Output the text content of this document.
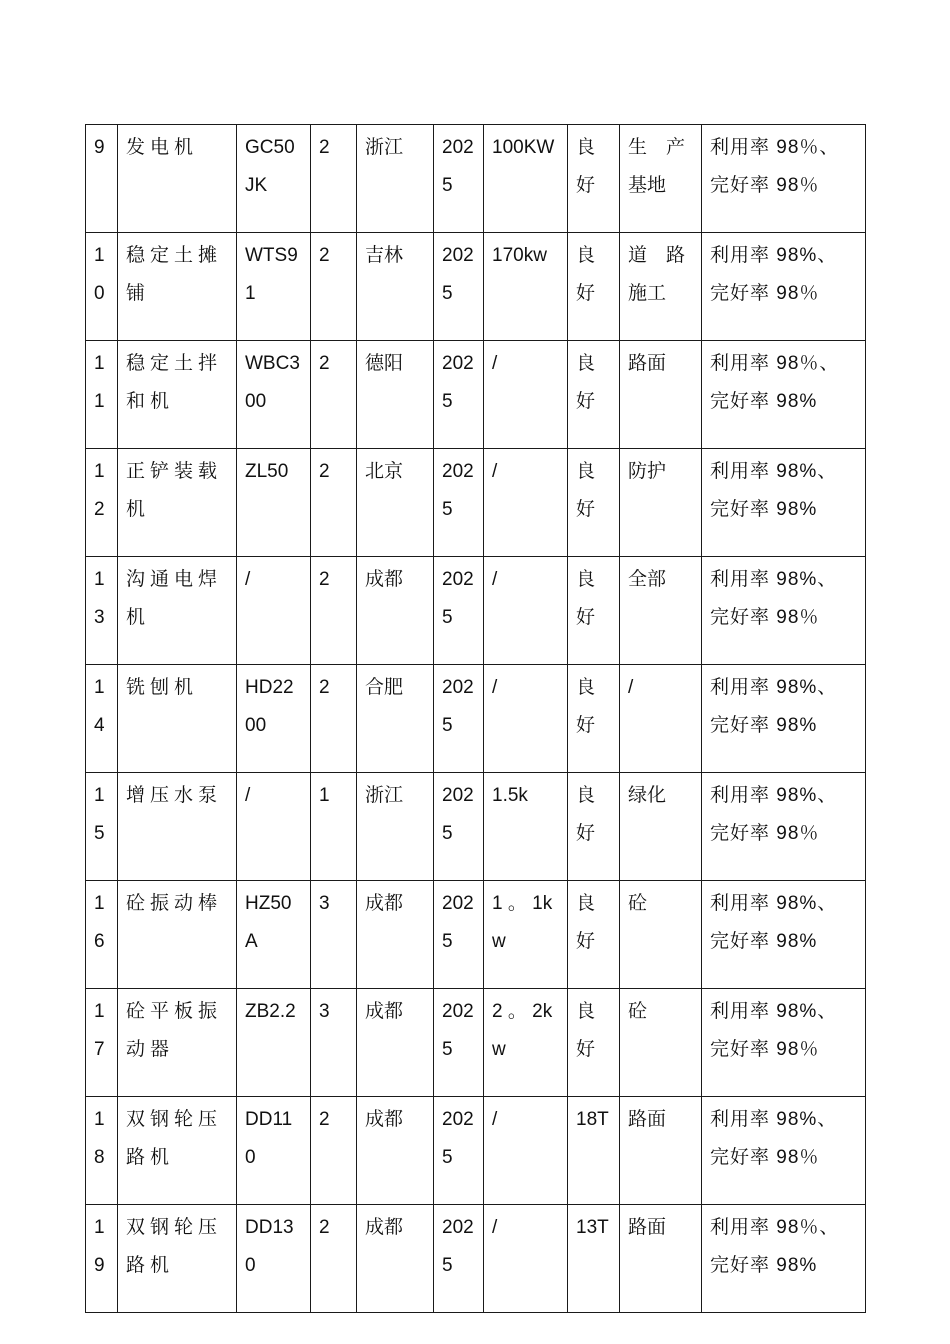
9	发电机	GC50JK	2	浙江	2025	100KW	良好	生　产基地	利用率 98％、完好率 98％
10	稳定土摊铺	WTS91	2	吉林	2025	170kw	良好	道　路施工	利用率 98%、完好率 98％
11	稳定土拌和机	WBC300	2	德阳	2025	/	良好	路面	利用率 98％、完好率 98%
12	正铲装载机	ZL50	2	北京	2025	/	良好	防护	利用率 98%、完好率 98%
13	沟通电焊机	/	2	成都	2025	/	良好	全部	利用率 98%、完好率 98％
14	铣刨机	HD2200	2	合肥	2025	/	良好	/	利用率 98%、完好率 98%
15	增压水泵	/	1	浙江	2025	1.5k	良好	绿化	利用率 98%、完好率 98％
16	砼振动棒	HZ50A	3	成都	2025	1 。 1kw	良好	砼	利用率 98%、完好率 98%
17	砼平板振动器	ZB2.2	3	成都	2025	2 。 2kw	良好	砼	利用率 98%、完好率 98％
18	双钢轮压路机	DD110	2	成都	2025	/	18T	路面	利用率 98%、完好率 98％
19	双钢轮压路机	DD130	2	成都	2025	/	13T	路面	利用率 98％、完好率 98%
